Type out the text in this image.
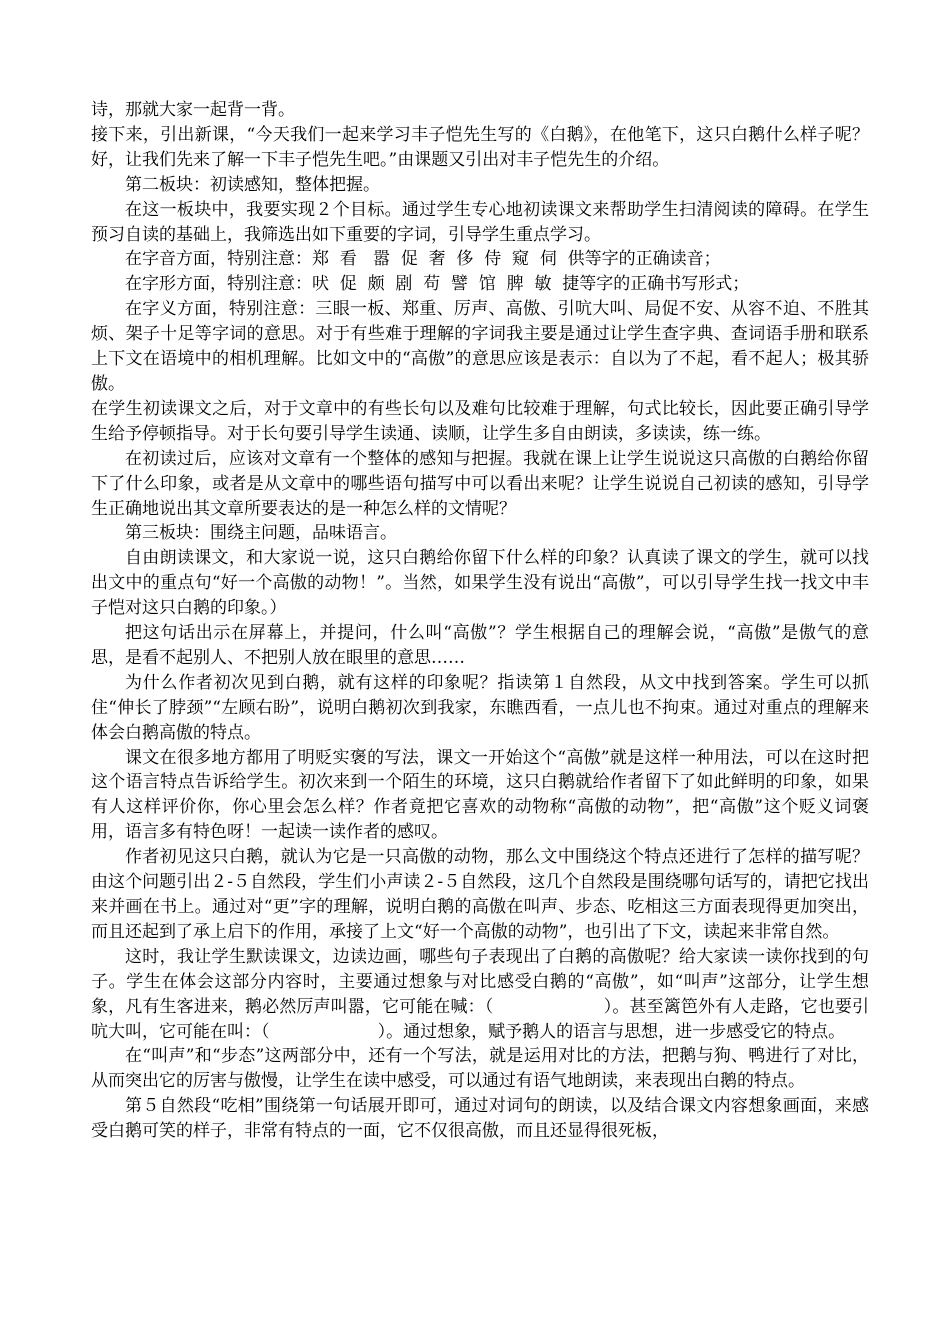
诗，那就大家一起背一背。

接下来，引出新课，“今天我们一起来学习丰子恺先生写的《白鹅》，在他笔下，这只白鹅什么样子呢？好，让我们先来了解一下丰子恺先生吧。”由课题又引出对丰子恺先生的介绍。

第二板块：初读感知，整体把握。

在这一板块中，我要实现２个目标。通过学生专心地初读课文来帮助学生扫清阅读的障碍。在学生预习自读的基础上，我筛选出如下重要的字词，引导学生重点学习。

在字音方面，特别注意：郑  看   嚣  促  奢  侈  侍  窥  伺  供等字的正确读音；

在字形方面，特别注意：吠  促  颇  剧  苟  譬  馆  脾  敏  捷等字的正确书写形式；

在字义方面，特别注意：三眼一板、郑重、厉声、高傲、引吭大叫、局促不安、从容不迫、不胜其烦、架子十足等字词的意思。对于有些难于理解的字词我主要是通过让学生查字典、查词语手册和联系上下文在语境中的相机理解。比如文中的“高傲”的意思应该是表示：自以为了不起，看不起人；极其骄傲。

在学生初读课文之后，对于文章中的有些长句以及难句比较难于理解，句式比较长，因此要正确引导学生给予停顿指导。对于长句要引导学生读通、读顺，让学生多自由朗读，多读读，练一练。

在初读过后，应该对文章有一个整体的感知与把握。我就在课上让学生说说这只高傲的白鹅给你留下了什么印象，或者是从文章中的哪些语句描写中可以看出来呢？让学生说说自己初读的感知，引导学生正确地说出其文章所要表达的是一种怎么样的文情呢？

第三板块：围绕主问题，品味语言。

自由朗读课文，和大家说一说，这只白鹅给你留下什么样的印象？认真读了课文的学生，就可以找出文中的重点句“好一个高傲的动物！”。当然，如果学生没有说出“高傲”，可以引导学生找一找文中丰子恺对这只白鹅的印象。）

把这句话出示在屏幕上，并提问，什么叫“高傲”？学生根据自己的理解会说，“高傲”是傲气的意思，是看不起别人、不把别人放在眼里的意思……

为什么作者初次见到白鹅，就有这样的印象呢？指读第１自然段，从文中找到答案。学生可以抓住“伸长了脖颈”“左顾右盼”，说明白鹅初次到我家，东瞧西看，一点儿也不拘束。通过对重点的理解来体会白鹅高傲的特点。

课文在很多地方都用了明贬实褒的写法，课文一开始这个“高傲”就是这样一种用法，可以在这时把这个语言特点告诉给学生。初次来到一个陌生的环境，这只白鹅就给作者留下了如此鲜明的印象，如果有人这样评价你，你心里会怎么样？作者竟把它喜欢的动物称“高傲的动物”，把“高傲”这个贬义词褒用，语言多有特色呀！一起读一读作者的感叹。

作者初见这只白鹅，就认为它是一只高傲的动物，那么文中围绕这个特点还进行了怎样的描写呢？由这个问题引出２-５自然段，学生们小声读２-５自然段，这几个自然段是围绕哪句话写的，请把它找出来并画在书上。通过对“更”字的理解，说明白鹅的高傲在叫声、步态、吃相这三方面表现得更加突出，而且还起到了承上启下的作用，承接了上文“好一个高傲的动物”，也引出了下文，读起来非常自然。

这时，我让学生默读课文，边读边画，哪些句子表现出了白鹅的高傲呢？给大家读一读你找到的句子。学生在体会这部分内容时，主要通过想象与对比感受白鹅的“高傲”，如“叫声”这部分，让学生想象，凡有生客进来，鹅必然厉声叫嚣，它可能在喊：（                    ）。甚至篱笆外有人走路，它也要引吭大叫，它可能在叫：（                    ）。通过想象，赋予鹅人的语言与思想，进一步感受它的特点。

在“叫声”和“步态”这两部分中，还有一个写法，就是运用对比的方法，把鹅与狗、鸭进行了对比，从而突出它的厉害与傲慢，让学生在读中感受，可以通过有语气地朗读，来表现出白鹅的特点。

第５自然段“吃相”围绕第一句话展开即可，通过对词句的朗读，以及结合课文内容想象画面，来感受白鹅可笑的样子，非常有特点的一面，它不仅很高傲，而且还显得很死板，
